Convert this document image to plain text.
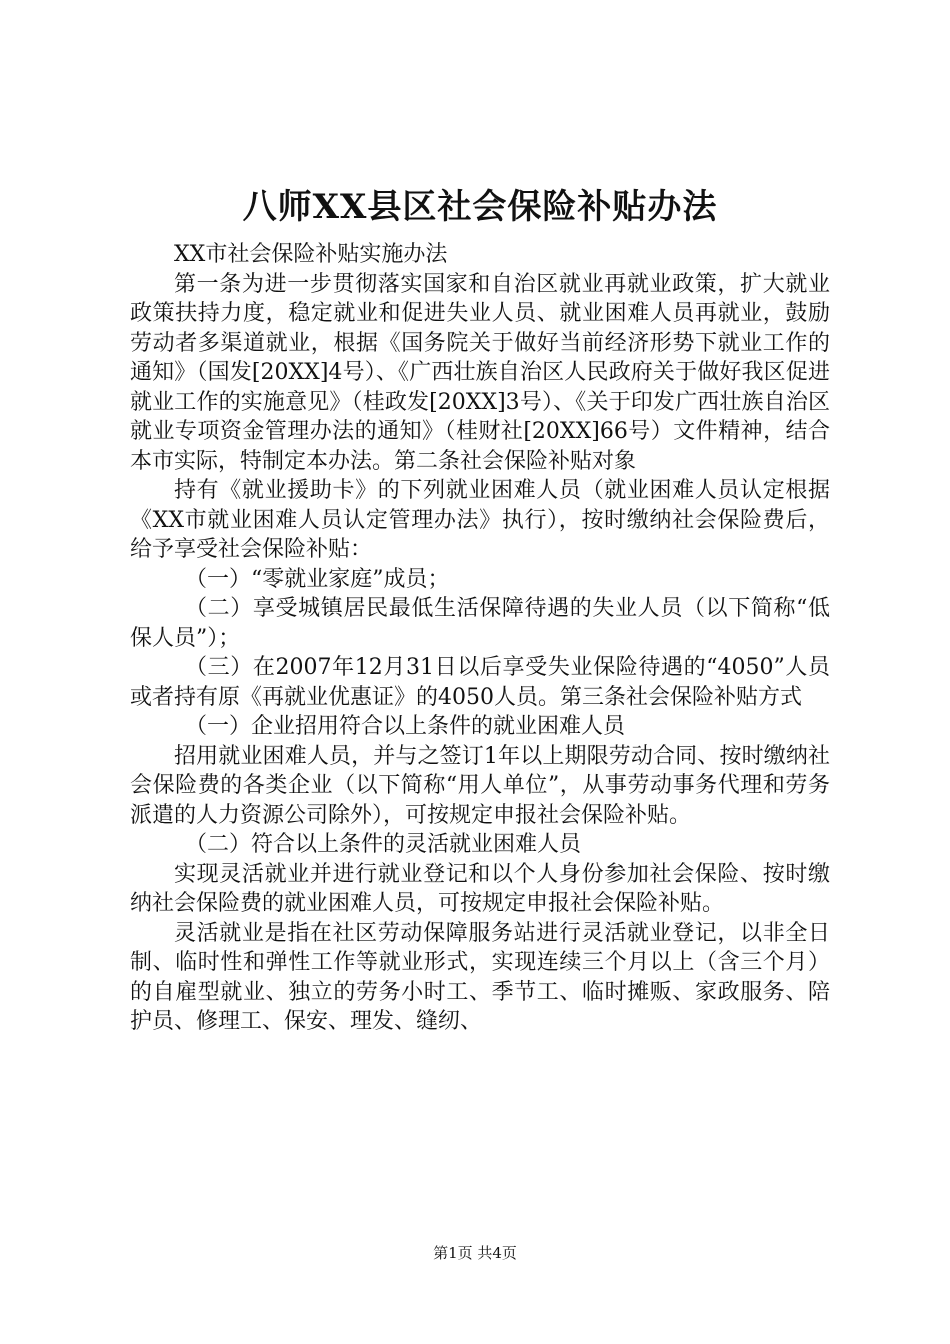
八师XX县区社会保险补贴办法

XX市社会保险补贴实施办法

第一条为进一步贯彻落实国家和自治区就业再就业政策，扩大就业政策扶持力度，稳定就业和促进失业人员、就业困难人员再就业，鼓励劳动者多渠道就业，根据《国务院关于做好当前经济形势下就业工作的通知》（国发[20XX]4号）、《广西壮族自治区人民政府关于做好我区促进就业工作的实施意见》（桂政发[20XX]3号）、《关于印发广西壮族自治区就业专项资金管理办法的通知》（桂财社[20XX]66号）文件精神，结合本市实际，特制定本办法。第二条社会保险补贴对象

持有《就业援助卡》的下列就业困难人员（就业困难人员认定根据《XX市就业困难人员认定管理办法》执行），按时缴纳社会保险费后，给予享受社会保险补贴：

（一）“零就业家庭”成员；

（二）享受城镇居民最低生活保障待遇的失业人员（以下简称“低保人员”）；

（三）在2007年12月31日以后享受失业保险待遇的“4050”人员或者持有原《再就业优惠证》的4050人员。第三条社会保险补贴方式

（一）企业招用符合以上条件的就业困难人员

招用就业困难人员，并与之签订1年以上期限劳动合同、按时缴纳社会保险费的各类企业（以下简称“用人单位”，从事劳动事务代理和劳务派遣的人力资源公司除外），可按规定申报社会保险补贴。

（二）符合以上条件的灵活就业困难人员

实现灵活就业并进行就业登记和以个人身份参加社会保险、按时缴纳社会保险费的就业困难人员，可按规定申报社会保险补贴。

灵活就业是指在社区劳动保障服务站进行灵活就业登记，以非全日制、临时性和弹性工作等就业形式，实现连续三个月以上（含三个月）的自雇型就业、独立的劳务小时工、季节工、临时摊贩、家政服务、陪护员、修理工、保安、理发、缝纫、

第1页 共4页
